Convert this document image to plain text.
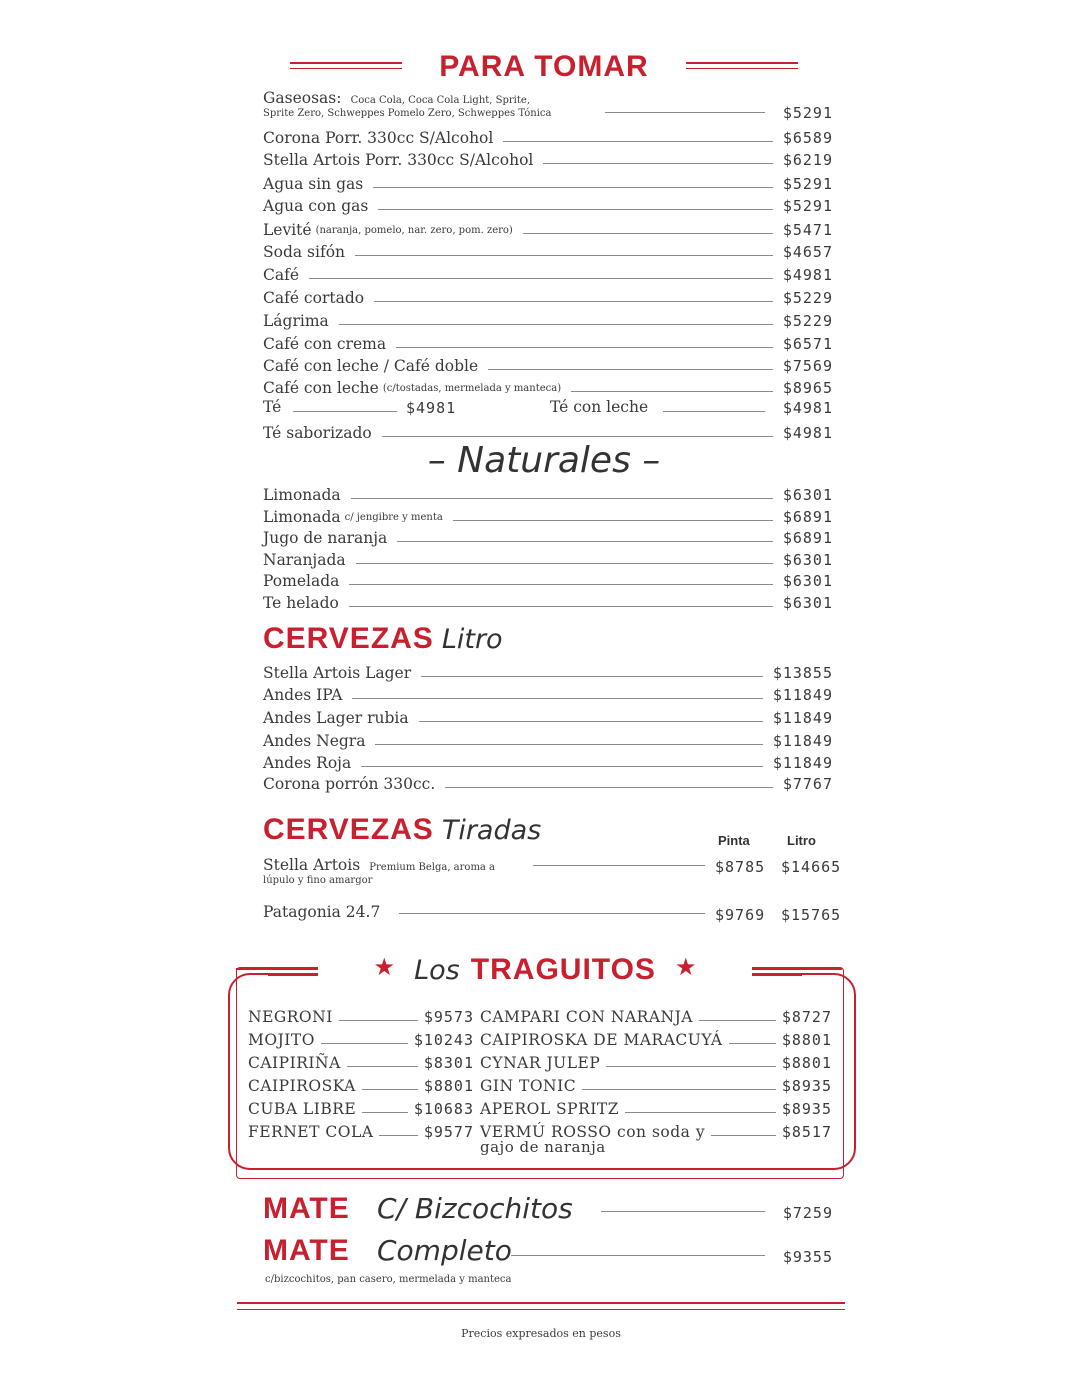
PARA TOMAR
Gaseosas: Coca Cola, Coca Cola Light, Sprite,
Sprite Zero, Schweppes Pomelo Zero, Schweppes Tónica	$5291
Corona Porr. 330cc S/Alcohol	$6589
Stella Artois Porr. 330cc S/Alcohol	$6219
Agua sin gas	$5291
Agua con gas	$5291
Levité (naranja, pomelo, nar. zero, pom. zero)	$5471
Soda sifón	$4657
Café	$4981
Café cortado	$5229
Lágrima	$5229
Café con crema	$6571
Café con leche / Café doble	$7569
Café con leche (c/tostadas, mermelada y manteca)	$8965
Té	$4981	Té con leche	$4981
Té saborizado	$4981
– Naturales –
Limonada	$6301
Limonada c/ jengibre y menta	$6891
Jugo de naranja	$6891
Naranjada	$6301
Pomelada	$6301
Te helado	$6301
CERVEZAS Litro
Stella Artois Lager	$13855
Andes IPA	$11849
Andes Lager rubia	$11849
Andes Negra	$11849
Andes Roja	$11849
Corona porrón 330cc.	$7767
CERVEZAS Tiradas	Pinta	Litro
Stella Artois Premium Belga, aroma a
lúpulo y fino amargor
$8785 $14665
Patagonia 24.7	$9769 $15765
★ Los TRAGUITOS ★
NEGRONI	$9573
MOJITO	$10243
CAIPIRIÑA	$8301
CAIPIROSKA	$8801
CUBA LIBRE	$10683
FERNET COLA	$9577
CAMPARI CON NARANJA	$8727
CAIPIROSKA DE MARACUYÁ	$8801
CYNAR JULEP	$8801
GIN TONIC	$8935
APEROL SPRITZ	$8935
VERMÚ ROSSO con soda y	$8517
gajo de naranja
MATE C/ Bizcochitos	$7259
MATE Completo	$9355
c/bizcochitos, pan casero, mermelada y manteca
Precios expresados en pesos
